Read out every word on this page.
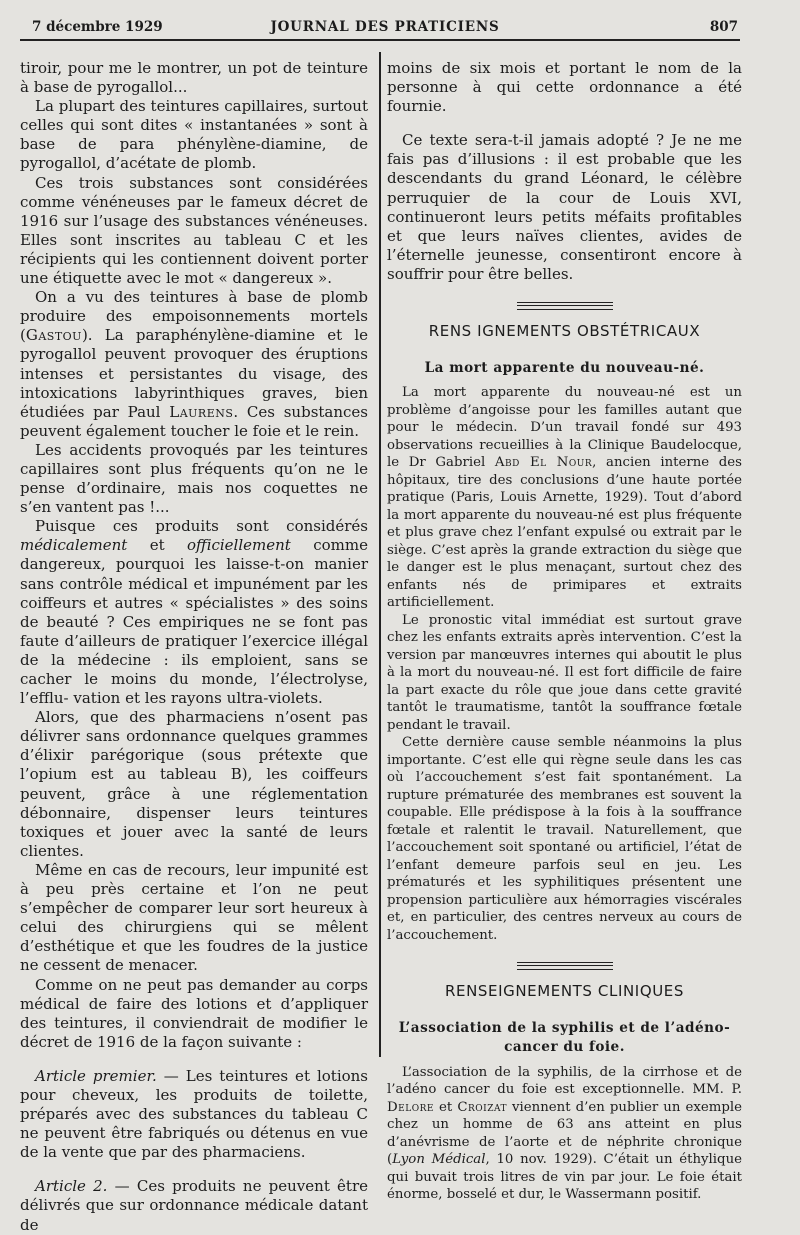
7 décembre 1929	JOURNAL DES PRATICIENS	807

tiroir, pour me le montrer, un pot de teinture à base de pyrogallol...

La plupart des teintures capillaires, surtout celles qui sont dites « instantanées » sont à base de para phénylène-diamine, de pyrogallol, d’acétate de plomb.

Ces trois substances sont considérées comme vénéneuses par le fameux décret de 1916 sur l’usage des substances vénéneuses. Elles sont inscrites au tableau C et les récipients qui les contiennent doivent porter une étiquette avec le mot « dangereux ».

On a vu des teintures à base de plomb produire des empoisonnements mortels (Gastou). La paraphénylène-diamine et le pyrogallol peuvent provoquer des éruptions intenses et persistantes du visage, des intoxications labyrinthiques graves, bien étudiées par Paul Laurens. Ces substances peuvent également toucher le foie et le rein.

Les accidents provoqués par les teintures capillaires sont plus fréquents qu’on ne le pense d’ordinaire, mais nos coquettes ne s’en vantent pas !...

Puisque ces produits sont considérés médicalement et officiellement comme dangereux, pourquoi les laisse-t-on manier sans contrôle médical et impunément par les coiffeurs et autres « spécialistes » des soins de beauté ? Ces empiriques ne se font pas faute d’ailleurs de pratiquer l’exercice illégal de la médecine : ils emploient, sans se cacher le moins du monde, l’électrolyse, l’efflu- vation et les rayons ultra-violets.

Alors, que des pharmaciens n’osent pas délivrer sans ordonnance quelques grammes d’élixir parégorique (sous prétexte que l’opium est au tableau B), les coiffeurs peuvent, grâce à une réglementation débonnaire, dispenser leurs teintures toxiques et jouer avec la santé de leurs clientes.

Même en cas de recours, leur impunité est à peu près certaine et l’on ne peut s’empêcher de comparer leur sort heureux à celui des chirurgiens qui se mêlent d’esthétique et que les foudres de la justice ne cessent de menacer.

Comme on ne peut pas demander au corps médical de faire des lotions et d’appliquer des teintures, il conviendrait de modifier le décret de 1916 de la façon suivante :

Article premier. — Les teintures et lotions pour cheveux, les produits de toilette, préparés avec des substances du tableau C ne peuvent être fabriqués ou détenus en vue de la vente que par des pharmaciens.

Article 2. — Ces produits ne peuvent être délivrés que sur ordonnance médicale datant de

moins de six mois et portant le nom de la personne à qui cette ordonnance a été fournie.

Ce texte sera-t-il jamais adopté ? Je ne me fais pas d’illusions : il est probable que les descendants du grand Léonard, le célèbre perruquier de la cour de Louis XVI, continueront leurs petits méfaits profitables et que leurs naïves clientes, avides de l’éternelle jeunesse, consentiront encore à souffrir pour être belles.

RENS IGNEMENTS OBSTÉTRICAUX
La mort apparente du nouveau-né.

La mort apparente du nouveau-né est un problème d’angoisse pour les familles autant que pour le médecin. D’un travail fondé sur 493 observations recueillies à la Clinique Baudelocque, le Dr Gabriel Abd El Nour, ancien interne des hôpitaux, tire des conclusions d’une haute portée pratique (Paris, Louis Arnette, 1929). Tout d’abord la mort apparente du nouveau-né est plus fréquente et plus grave chez l’enfant expulsé ou extrait par le siège. C’est après la grande extraction du siège que le danger est le plus menaçant, surtout chez des enfants nés de primipares et extraits artificiellement.

Le pronostic vital immédiat est surtout grave chez les enfants extraits après intervention. C’est la version par manœuvres internes qui aboutit le plus à la mort du nouveau-né. Il est fort difficile de faire la part exacte du rôle que joue dans cette gravité tantôt le traumatisme, tantôt la souffrance fœtale pendant le travail.

Cette dernière cause semble néanmoins la plus importante. C’est elle qui règne seule dans les cas où l’accouchement s’est fait spontanément. La rupture prématurée des membranes est souvent la coupable. Elle prédispose à la fois à la souffrance fœtale et ralentit le travail. Naturellement, que l’accouchement soit spontané ou artificiel, l’état de l’enfant demeure parfois seul en jeu. Les prématurés et les syphilitiques présentent une propension particulière aux hémorragies viscérales et, en particulier, des centres nerveux au cours de l’accouchement.

RENSEIGNEMENTS CLINIQUES
L’association de la syphilis et de l’adéno-cancer du foie.

L’association de la syphilis, de la cirrhose et de l’adéno cancer du foie est exceptionnelle. MM. P. Delore et Croizat viennent d’en publier un exemple chez un homme de 63 ans atteint en plus d’anévrisme de l’aorte et de néphrite chronique (Lyon Médical, 10 nov. 1929). C’était un éthylique qui buvait trois litres de vin par jour. Le foie était énorme, bosselé et dur, le Wassermann positif.
